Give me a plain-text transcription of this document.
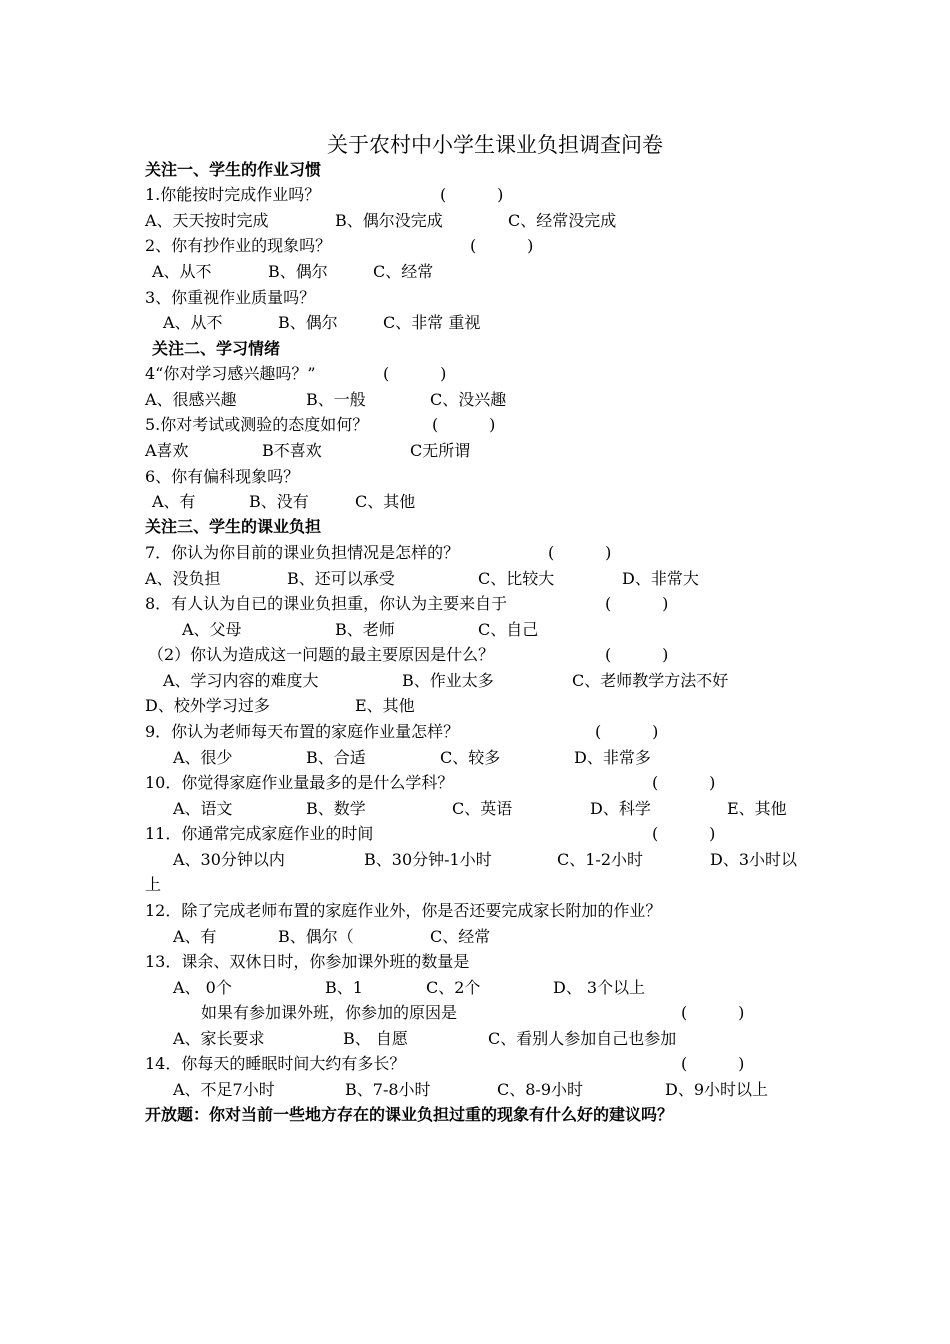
关于农村中小学生课业负担调查问卷
关注一、学生的作业习惯
1.你能按时完成作业吗？	(          )
A、天天按时完成	B、偶尔没完成	C、经常没完成
2、你有抄作业的现象吗？	(          )
A、从不	B、偶尔	C、经常
3、你重视作业质量吗？
A、从不	B、偶尔	C、非常 重视
关注二、学习情绪
4“你对学习感兴趣吗？”	(          )
A、很感兴趣	B、一般	C、没兴趣
5.你对考试或测验的态度如何？	(          )
A喜欢	B不喜欢	C无所谓
6、你有偏科现象吗？
A、有	B、没有	C、其他
关注三、学生的课业负担
7．你认为你目前的课业负担情况是怎样的？	(          )
A、没负担	B、还可以承受	C、比较大	D、非常大
8．有人认为自已的课业负担重，你认为主要来自于	(          )
A、父母	B、老师	C、自己
（2）你认为造成这一问题的最主要原因是什么？	(          )
A、学习内容的难度大	B、作业太多	C、老师教学方法不好
D、校外学习过多	E、其他
9．你认为老师每天布置的家庭作业量怎样？	(          )
A、很少	B、合适	C、较多	D、非常多
10．你觉得家庭作业量最多的是什么学科？	(          )
A、语文	B、数学	C、英语	D、科学	E、其他
11．你通常完成家庭作业的时间	(          )
A、30分钟以内	B、30分钟-1小时	C、1-2小时	D、3小时以
上
12．除了完成老师布置的家庭作业外，你是否还要完成家长附加的作业？
A、有	B、偶尔（	C、经常
13．课余、双休日时，你参加课外班的数量是
A、 0个	B、1	C、2个	D、 3个以上
如果有参加课外班，你参加的原因是	(          )
A、家长要求	B、 自愿	C、看别人参加自己也参加
14．你每天的睡眠时间大约有多长？	(          )
A、不足7小时	B、7-8小时	C、8-9小时	D、9小时以上
开放题：你对当前一些地方存在的课业负担过重的现象有什么好的建议吗？
